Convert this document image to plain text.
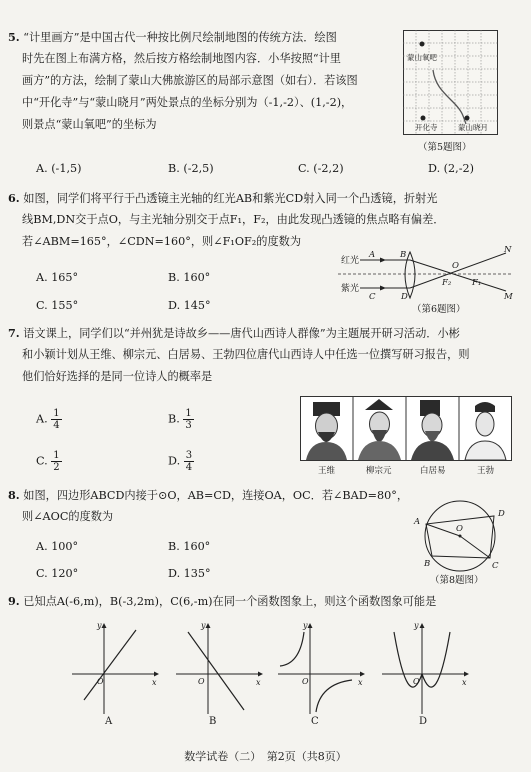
5. “计里画方”是中国古代一种按比例尺绘制地图的传统方法．绘图
时先在图上布满方格，然后按方格绘制地图内容．小华按照“计里
画方”的方法，绘制了蒙山大佛旅游区的局部示意图（如右）．若该图
中“开化寺”与“蒙山晓月”两处景点的坐标分别为（-1,-2）、(1,-2)，
则景点“蒙山氧吧”的坐标为
A. (-1,5)	B. (-2,5)	C. (-2,2)	D. (2,-2)
蒙山氧吧
开化寺	蒙山晓月
（第5题图）
6. 如图，同学们将平行于凸透镜主光轴的红光AB和紫光CD射入同一个凸透镜，折射光
线BM,DN交于点O，与主光轴分别交于点F₁，F₂，由此发现凸透镜的焦点略有偏差．
若∠ABM=165°，∠CDN=160°，则∠F₁OF₂的度数为
A. 165°	B. 160°
C. 155°	D. 145°
红光
紫光
A	B
C	D
O
N
M
F₂ F₁
（第6题图）
7. 语文课上，同学们以“并州犹是诗故乡——唐代山西诗人群像”为主题展开研习活动．小彬
和小颖计划从王维、柳宗元、白居易、王勃四位唐代山西诗人中任选一位撰写研习报告，则
他们恰好选择的是同一位诗人的概率是
A. $\frac{1}{4}$	B. $\frac{1}{3}$
C. $\frac{1}{2}$	D. $\frac{3}{4}$	王维	柳宗元	白居易	王勃
8. 如图，四边形ABCD内接于⊙O，AB=CD，连接OA，OC．若∠BAD=80°，
则∠AOC的度数为
A. 100°	B. 160°
C. 120°	D. 135°
A
B	C
D
O
（第8题图）
9. 已知点A(-6,m)，B(-3,2m)，C(6,-m)在同一个函数图象上，则这个函数图象可能是
y
x
O
A
y
x
O
B
y
x
O
C
y
x
O
D
数学试卷（二）　第2页（共8页）
